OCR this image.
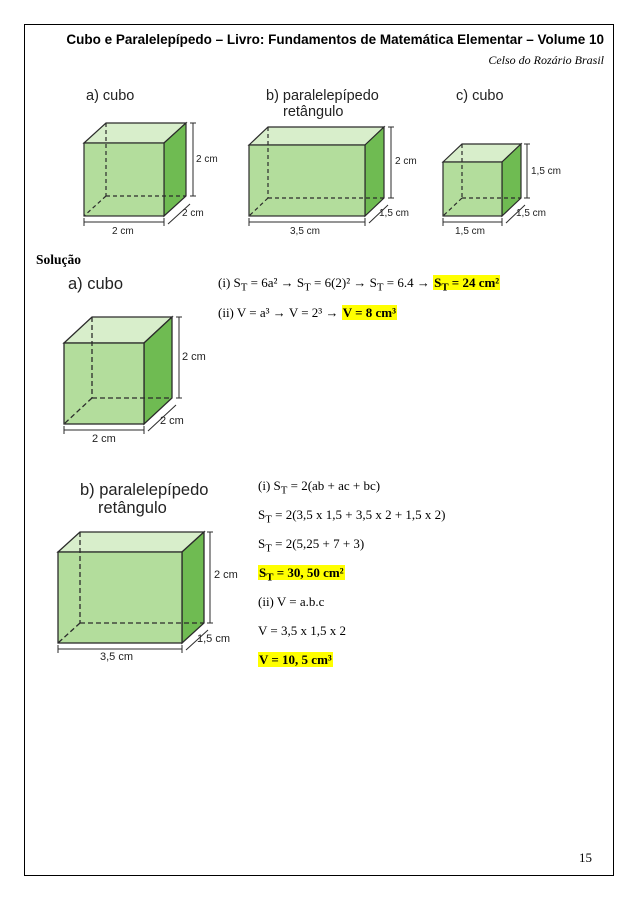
Cubo e Paralelepípedo – Livro: Fundamentos de Matemática Elementar – Volume 10
Celso do Rozário Brasil
a) cubo	b) paralelepípedo
retângulo
c) cubo
2 cm
2 cm
2 cm
2 cm
1,5 cm
3,5 cm
1,5 cm
1,5 cm
1,5 cm
Solução
a) cubo
2 cm
2 cm
2 cm
(i) $S_T = 6a^2 \to S_T = 6(2)^2 \to S_T = 6.4 \to S_T = 24$ cm²
(ii) V = a³ → V = 2³ → V = 8 cm³
b) paralelepípedo
retângulo
2 cm
1,5 cm
3,5 cm
(i) $S_T = 2(ab$ + ac + bc)
$S_T = 2(3,5$ x 1,5 + 3,5 x 2 + 1,5 x 2)
$S_T = 2(5,25 + 7 + 3)$
$S_T = 30$, 50 cm²
(ii) V = a.b.c
V = 3,5 x 1,5 x 2
V = 10, 5 cm³
15
